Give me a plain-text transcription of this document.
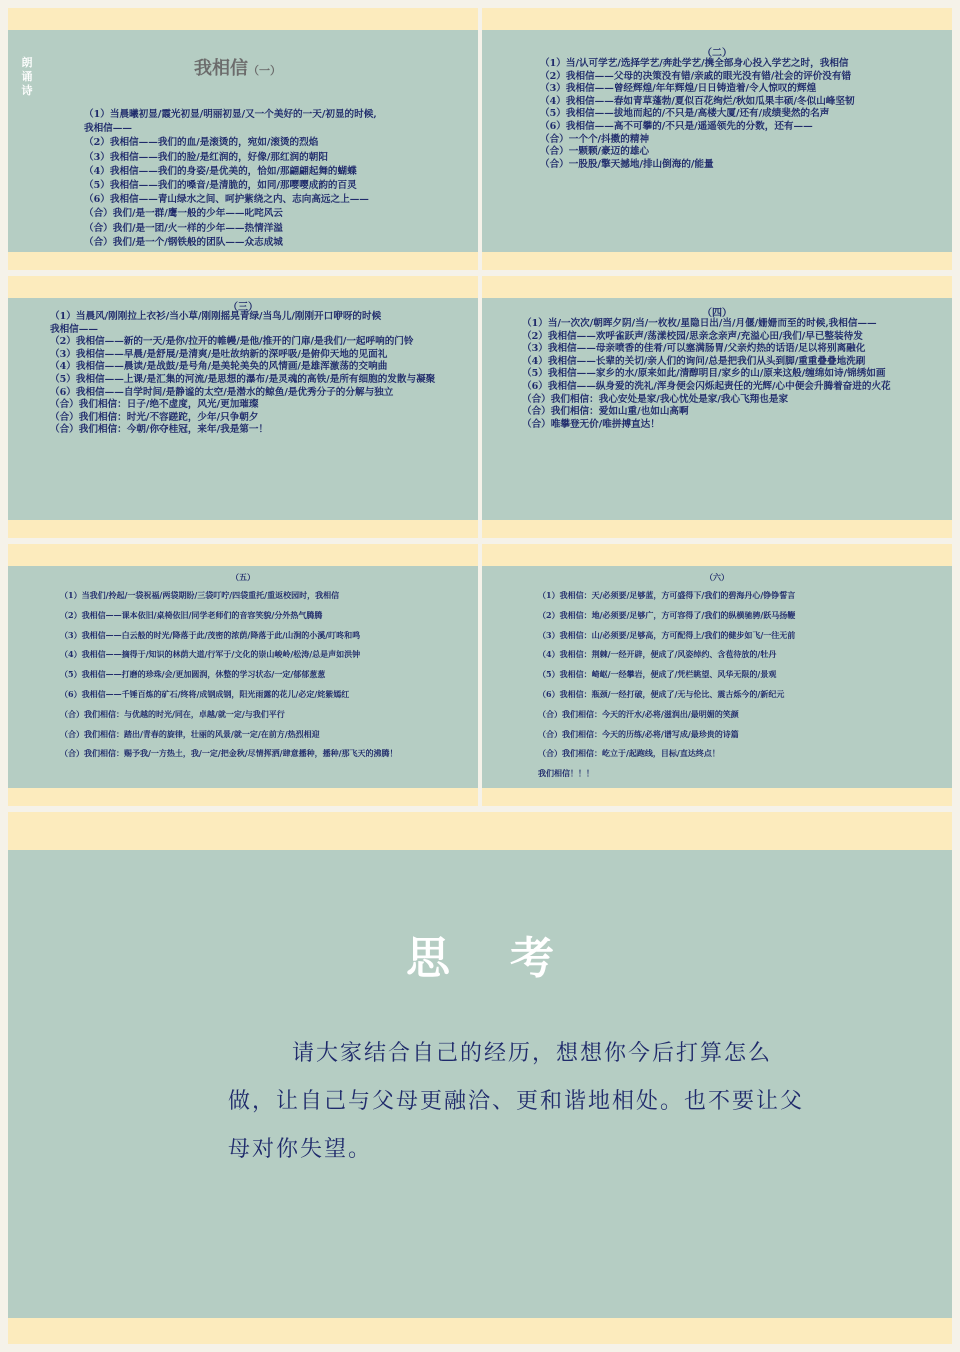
朗
诵
诗
我相信（一）
（1）当晨曦初显/霞光初显/明丽初显/又一个美好的一天/初显的时候,
我相信——
（2）我相信——我们的血/是滚烫的，宛如/滚烫的烈焰
（3）我相信——我们的脸/是红润的，好像/那红润的朝阳
（4）我相信——我们的身姿/是优美的，恰如/那翩翩起舞的蝴蝶
（5）我相信——我们的嗓音/是清脆的，如同/那嘤嘤成韵的百灵
（6）我相信——青山绿水之间、呵护紫绕之内、志向高远之上——
（合）我们/是一群/鹰一般的少年——叱咤风云
（合）我们/是一团/火一样的少年——热情洋溢
（合）我们/是一个/钢铁般的团队——众志成城
（二）
（1）当/认可学艺/选择学艺/奔赴学艺/携全部身心投入学艺之时，我相信
（2）我相信——父母的决策没有错/亲戚的眼光没有错/社会的评价没有错
（3）我相信——曾经辉煌/年年辉煌/日日铸造着/令人惊叹的辉煌
（4）我相信——春如青草蓬勃/夏似百花绚烂/秋如瓜果丰硕/冬似山峰坚韧
（5）我相信——拔地而起的/不只是/高楼大厦/还有/成绩斐然的名声
（6）我相信——高不可攀的/不只是/遥遥领先的分数，还有——
（合）一个个/抖擞的精神
（合）一颗颗/豪迈的雄心
（合）一股股/擎天撼地/排山倒海的/能量
（三）
（1）当晨风/刚刚拉上衣衫/当小草/刚刚摇晃青绿/当鸟儿/刚刚开口咿呀的时候
我相信——
（2）我相信——新的一天/是你/拉开的帷幔/是他/推开的门扉/是我们/一起呼响的门铃
（3）我相信——早晨/是舒展/是清爽/是吐故纳新的深呼吸/是俯仰天地的见面礼
（4）我相信——晨读/是战鼓/是号角/是美轮美奂的风情画/是雄浑激荡的交响曲
（5）我相信——上课/是汇集的河流/是思想的瀑布/是灵魂的高铁/是所有细胞的发散与凝聚
（6）我相信——自学时间/是静谧的太空/是潜水的鲸鱼/是优秀分子的分解与独立
（合）我们相信：日子/绝不虚度，风光/更加璀璨
（合）我们相信：时光/不容蹉跎，少年/只争朝夕
（合）我们相信：今朝/你夺桂冠，来年/我是第一！
（四）
（1）当/一次次/朝晖夕阴/当/一枚枚/星隐日出/当/月偃/姗姗而至的时候,我相信——
（2）我相信——欢呼雀跃声/荡漾校园/思亲念亲声/充溢心田/我们/早已整装待发
（3）我相信——母亲喷香的佳肴/可以塞满肠胃/父亲灼热的话语/足以将别离融化
（4）我相信——长辈的关切/亲人们的询问/总是把我们从头到脚/重重叠叠地洗刷
（5）我相信——家乡的水/原来如此/清醇明目/家乡的山/原来这般/缠绵如诗/锦绣如画
（6）我相信——纵身爱的洗礼/浑身便会闪烁起责任的光辉/心中便会升腾着奋进的火花
（合）我们相信：我心安处是家/我心忧处是家/我心飞翔也是家
（合）我们相信：爱如山重/也如山高啊
（合）唯攀登无价/唯拼搏直达！
（五）
（1）当我们/拎起/一袋祝福/两袋期盼/三袋叮咛/四袋重托/重返校园时，我相信
（2）我相信——课本依旧/桌椅依旧/同学老师们的音容笑貌/分外热气腾腾
（3）我相信——白云般的时光/降落于此/茂密的浓荫/降落于此/山涧的小溪/叮咚和鸣
（4）我相信——摘得于/知识的林荫大道/行军于/文化的崇山峻岭/松涛/总是声如洪钟
（5）我相信——打磨的珍珠/会/更加圆润，休整的学习状态/一定/郁郁葱葱
（6）我相信——千锤百炼的矿石/终将/成钢成钢，阳光雨露的花儿/必定/姹紫嫣红
（合）我们相信：与优越的时光/同在，卓越/就一定/与我们平行
（合）我们相信：踏出/青春的旋律，壮丽的风景/就一定/在前方/热烈相迎
（合）我们相信：赐予我/一方热土，我/一定/把金秋/尽情挥洒/肆意播种，播种/那飞天的沸腾！
（六）
（1）我相信：天/必须要/足够蓝，方可盛得下/我们的碧海丹心/铮铮誓言
（2）我相信：地/必须要/足够广，方可容得了/我们的纵横驰骋/跃马扬鞭
（3）我相信：山/必须要/足够高，方可配得上/我们的健步如飞/一往无前
（4）我相信：荆棘/一经开辟，便成了/风姿绰约、含苞待放的/牡丹
（5）我相信：崎岖/一经攀岩，便成了/凭栏眺望、风华无限的/景观
（6）我相信：瓶颈/一经打破，便成了/无与伦比、震古烁今的/新纪元
（合）我们相信：今天的汗水/必将/滋润出/最明媚的笑颜
（合）我们相信：今天的历练/必将/谱写成/最珍贵的诗篇
（合）我们相信：屹立于/起跑线，目标/直达终点！
我们相信！！！
思考
请大家结合自己的经历，想想你今后打算怎么做，让自己与父母更融洽、更和谐地相处。也不要让父母对你失望。
